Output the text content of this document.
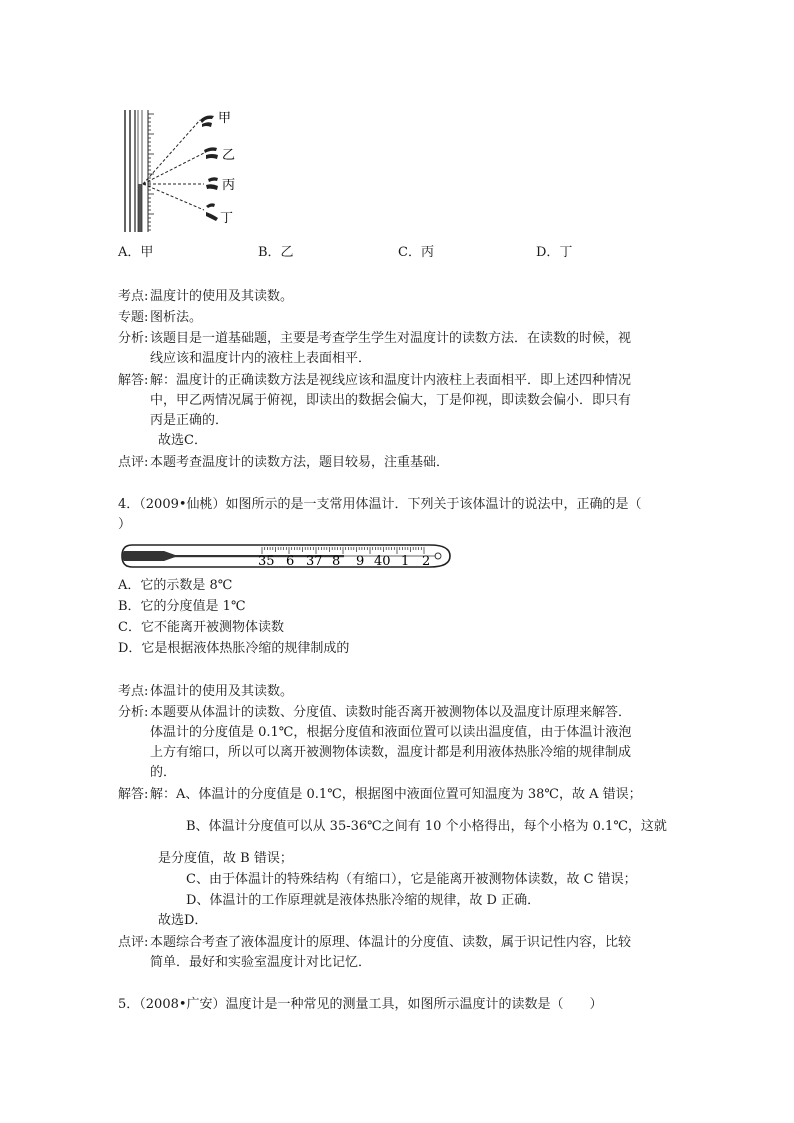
甲
乙
丙
丁
A．甲	B．乙	C．丙	D．丁
考点: 温度计的使用及其读数。
专题: 图析法。
分析: 该题目是一道基础题，主要是考查学生学生对温度计的读数方法．在读数的时候，视
线应该和温度计内的液柱上表面相平．
解答: 解：温度计的正确读数方法是视线应该和温度计内液柱上表面相平．即上述四种情况
中，甲乙两情况属于俯视，即读出的数据会偏大，丁是仰视，即读数会偏小．即只有
丙是正确的．
故选C．
点评: 本题考查温度计的读数方法，题目较易，注重基础．
4．（2009•仙桃）如图所示的是一支常用体温计．下列关于该体温计的说法中，正确的是（
）
35 6 37 8 9 40 1 2
A．它的示数是 8℃
B．它的分度值是 1℃
C．它不能离开被测物体读数
D．它是根据液体热胀冷缩的规律制成的
考点: 体温计的使用及其读数。
分析: 本题要从体温计的读数、分度值、读数时能否离开被测物体以及温度计原理来解答．
体温计的分度值是 0.1℃，根据分度值和液面位置可以读出温度值，由于体温计液泡
上方有缩口，所以可以离开被测物体读数，温度计都是利用液体热胀冷缩的规律制成
的．
解答: 解：A、体温计的分度值是 0.1℃，根据图中液面位置可知温度为 38℃，故 A 错误；
B、体温计分度值可以从 35-36℃之间有 10 个小格得出，每个小格为 0.1℃，这就
是分度值，故 B 错误；
C、由于体温计的特殊结构（有缩口），它是能离开被测物体读数，故 C 错误；
D、体温计的工作原理就是液体热胀冷缩的规律，故 D 正确．
故选D．
点评: 本题综合考查了液体温度计的原理、体温计的分度值、读数，属于识记性内容，比较
简单．最好和实验室温度计对比记忆．
5．（2008•广安）温度计是一种常见的测量工具，如图所示温度计的读数是（　　）
